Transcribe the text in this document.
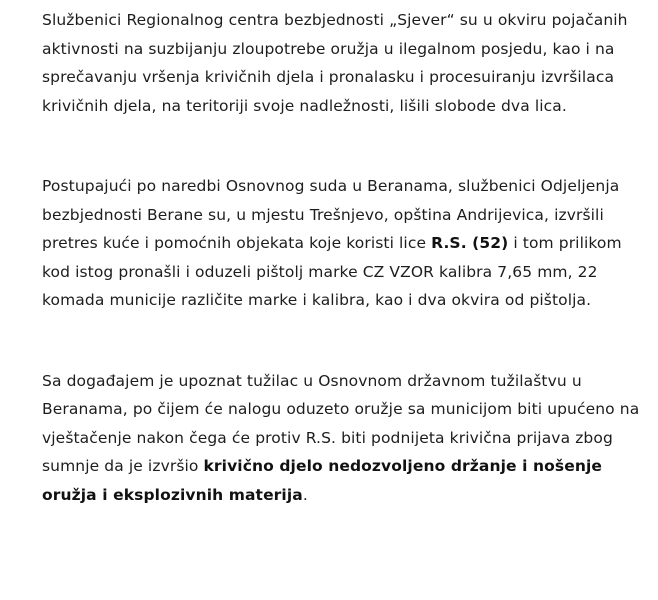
Službenici Regionalnog centra bezbjednosti „Sjever“ su u okviru pojačanih aktivnosti na suzbijanju zloupotrebe oružja u ilegalnom posjedu, kao i na sprečavanju vršenja krivičnih djela i pronalasku i procesuiranju izvršilaca krivičnih djela, na teritoriji svoje nadležnosti, lišili slobode dva lica.

Postupajući po naredbi Osnovnog suda u Beranama, službenici Odjeljenja bezbjednosti Berane su, u mjestu Trešnjevo, opština Andrijevica, izvršili pretres kuće i pomoćnih objekata koje koristi lice R.S. (52) i tom prilikom kod istog pronašli i oduzeli pištolj marke CZ VZOR kalibra 7,65 mm, 22 komada municije različite marke i kalibra, kao i dva okvira od pištolja.

Sa događajem je upoznat tužilac u Osnovnom državnom tužilaštvu u Beranama, po čijem će nalogu oduzeto oružje sa municijom biti upućeno na vještačenje nakon čega će protiv R.S. biti podnijeta krivična prijava zbog sumnje da je izvršio krivično djelo nedozvoljeno držanje i nošenje oružja i eksplozivnih materija.
